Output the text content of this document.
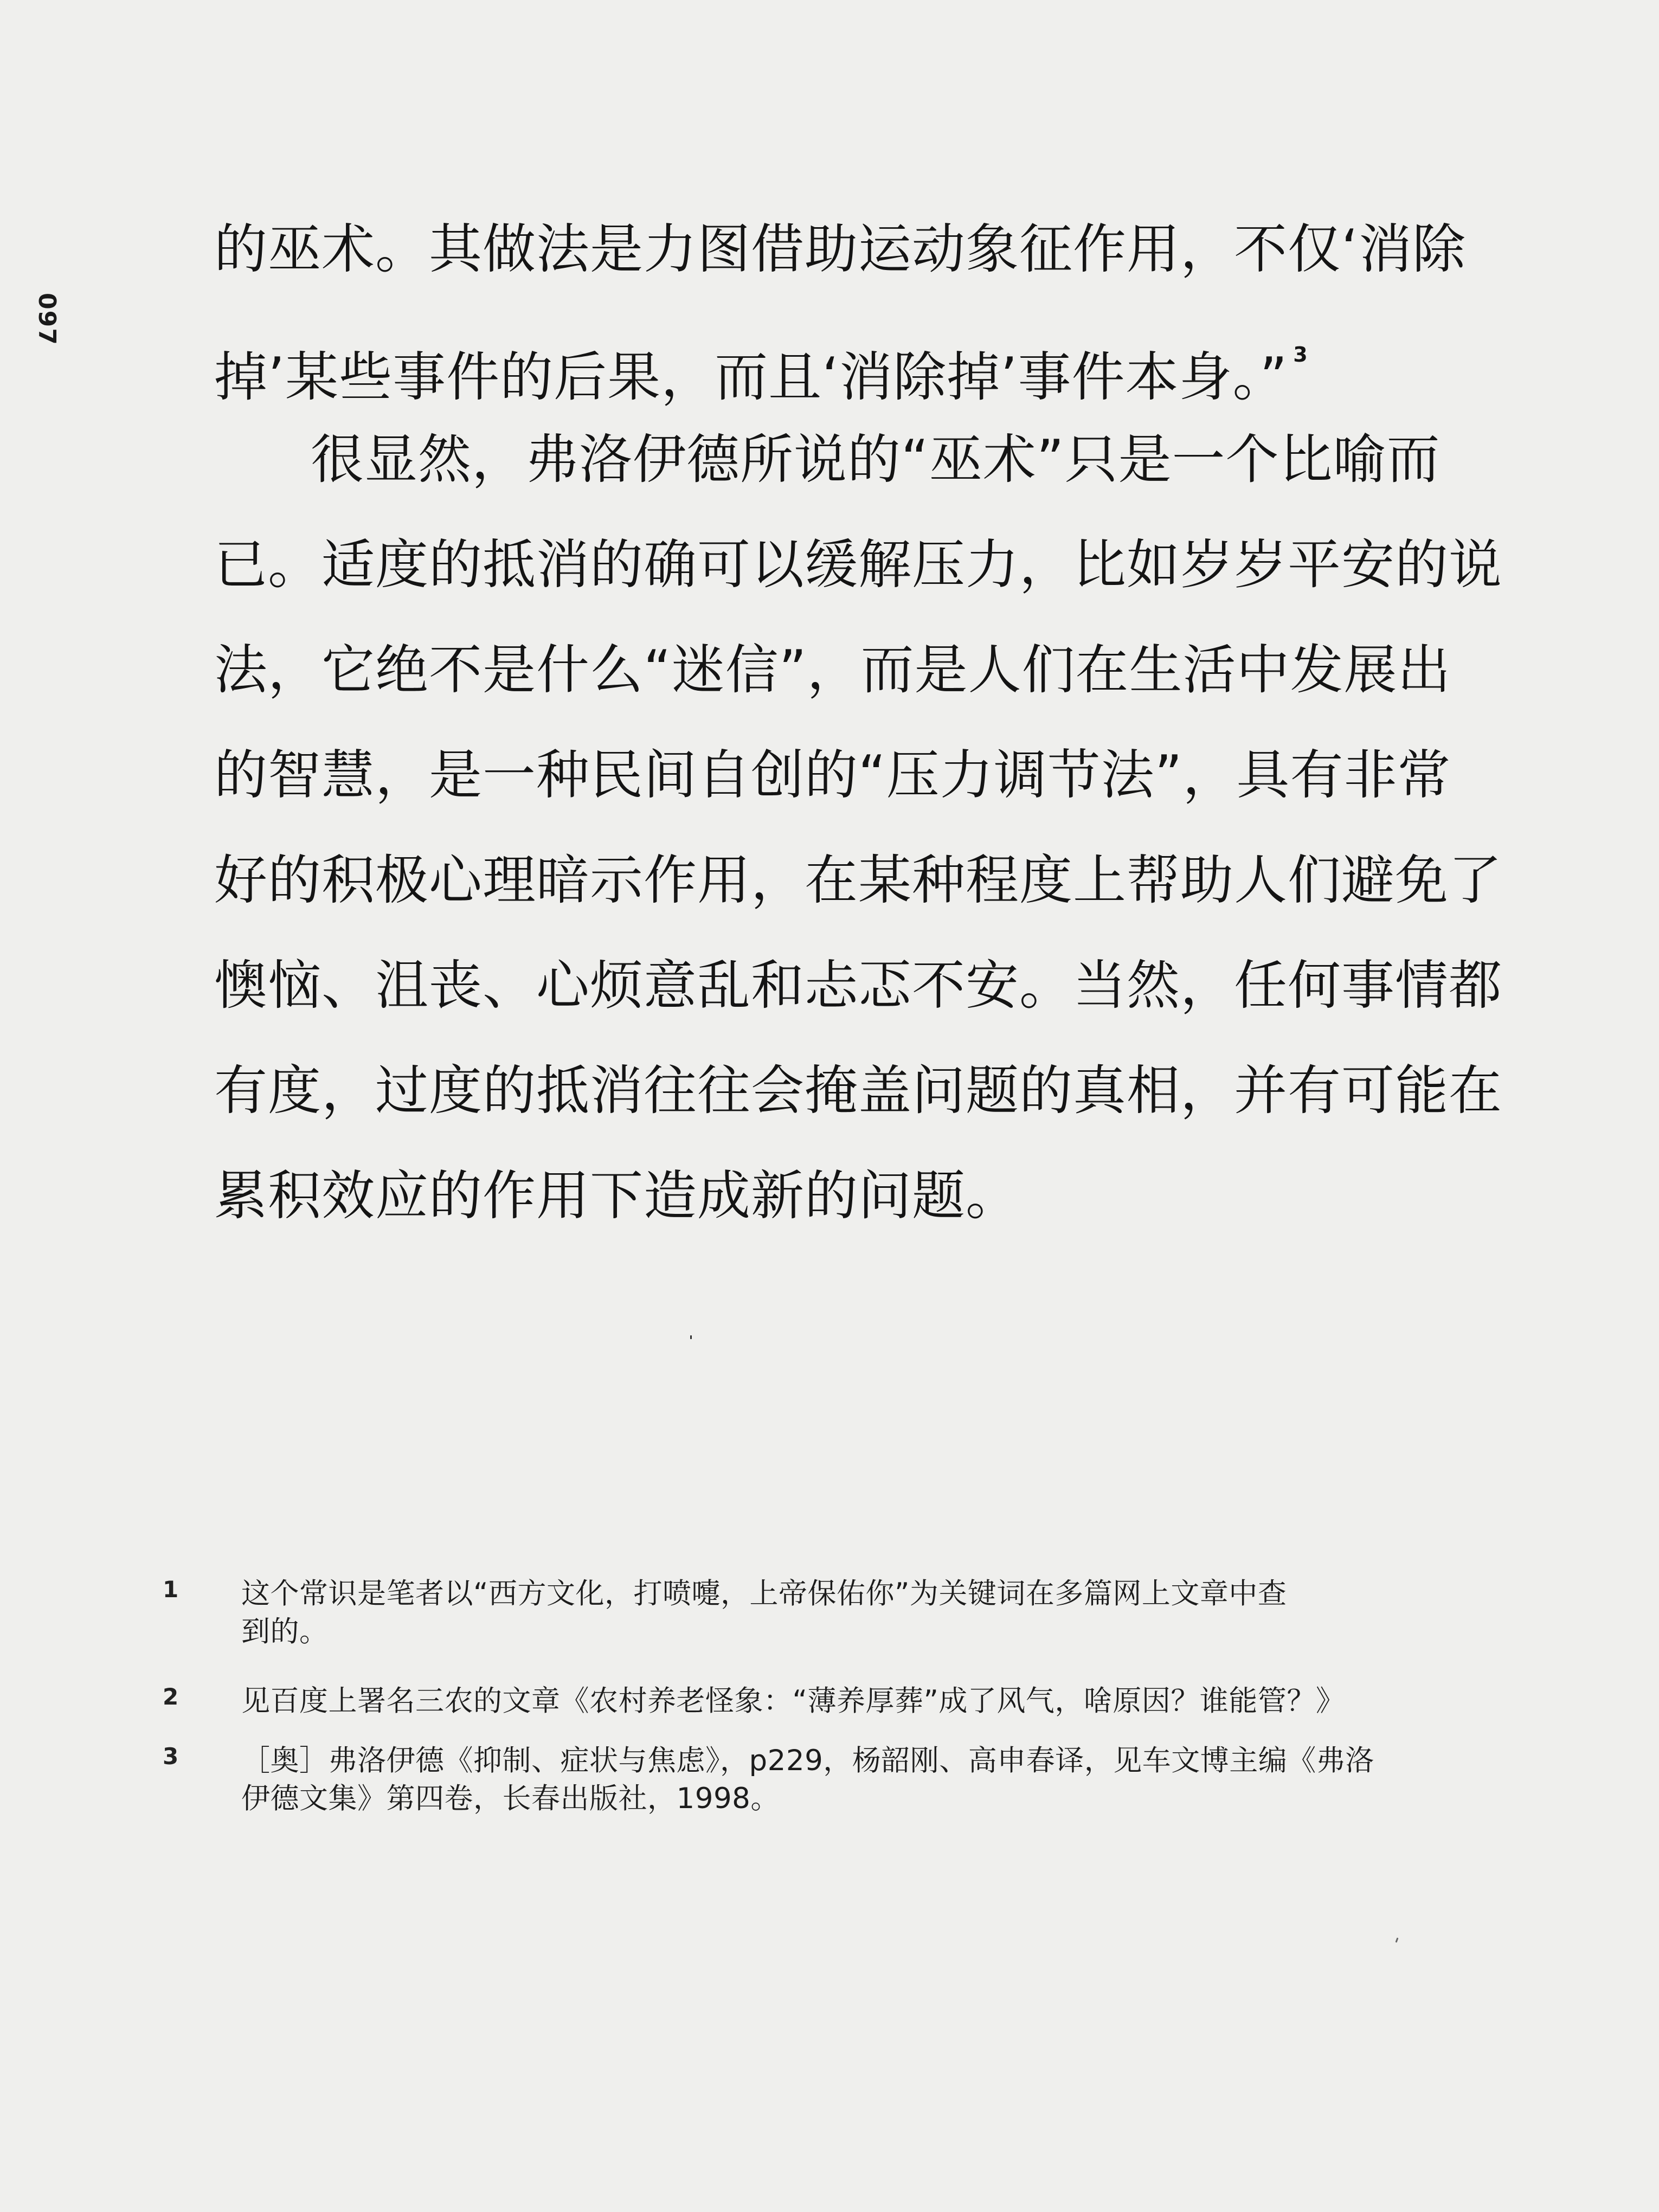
097
的巫术。其做法是力图借助运动象征作用，不仅‘消除
掉’某些事件的后果，而且‘消除掉’事件本身。” $^3$
很显然，弗洛伊德所说的“巫术”只是一个比喻而
已。适度的抵消的确可以缓解压力，比如岁岁平安的说
法，它绝不是什么“迷信”，而是人们在生活中发展出
的智慧，是一种民间自创的“压力调节法”，具有非常
好的积极心理暗示作用，在某种程度上帮助人们避免了
懊恼、沮丧、心烦意乱和忐忑不安。当然，任何事情都
有度，过度的抵消往往会掩盖问题的真相，并有可能在
累积效应的作用下造成新的问题。
1 这个常识是笔者以“西方文化，打喷嚏，上帝保佑你”为关键词在多篇网上文章中查
到的。
2 见百度上署名三农的文章《农村养老怪象：“薄养厚葬”成了风气，啥原因？谁能管？》
3 ［奥］弗洛伊德《抑制、症状与焦虑》，p229，杨韶刚、高申春译，见车文博主编《弗洛
伊德文集》第四卷，长春出版社，1998。
